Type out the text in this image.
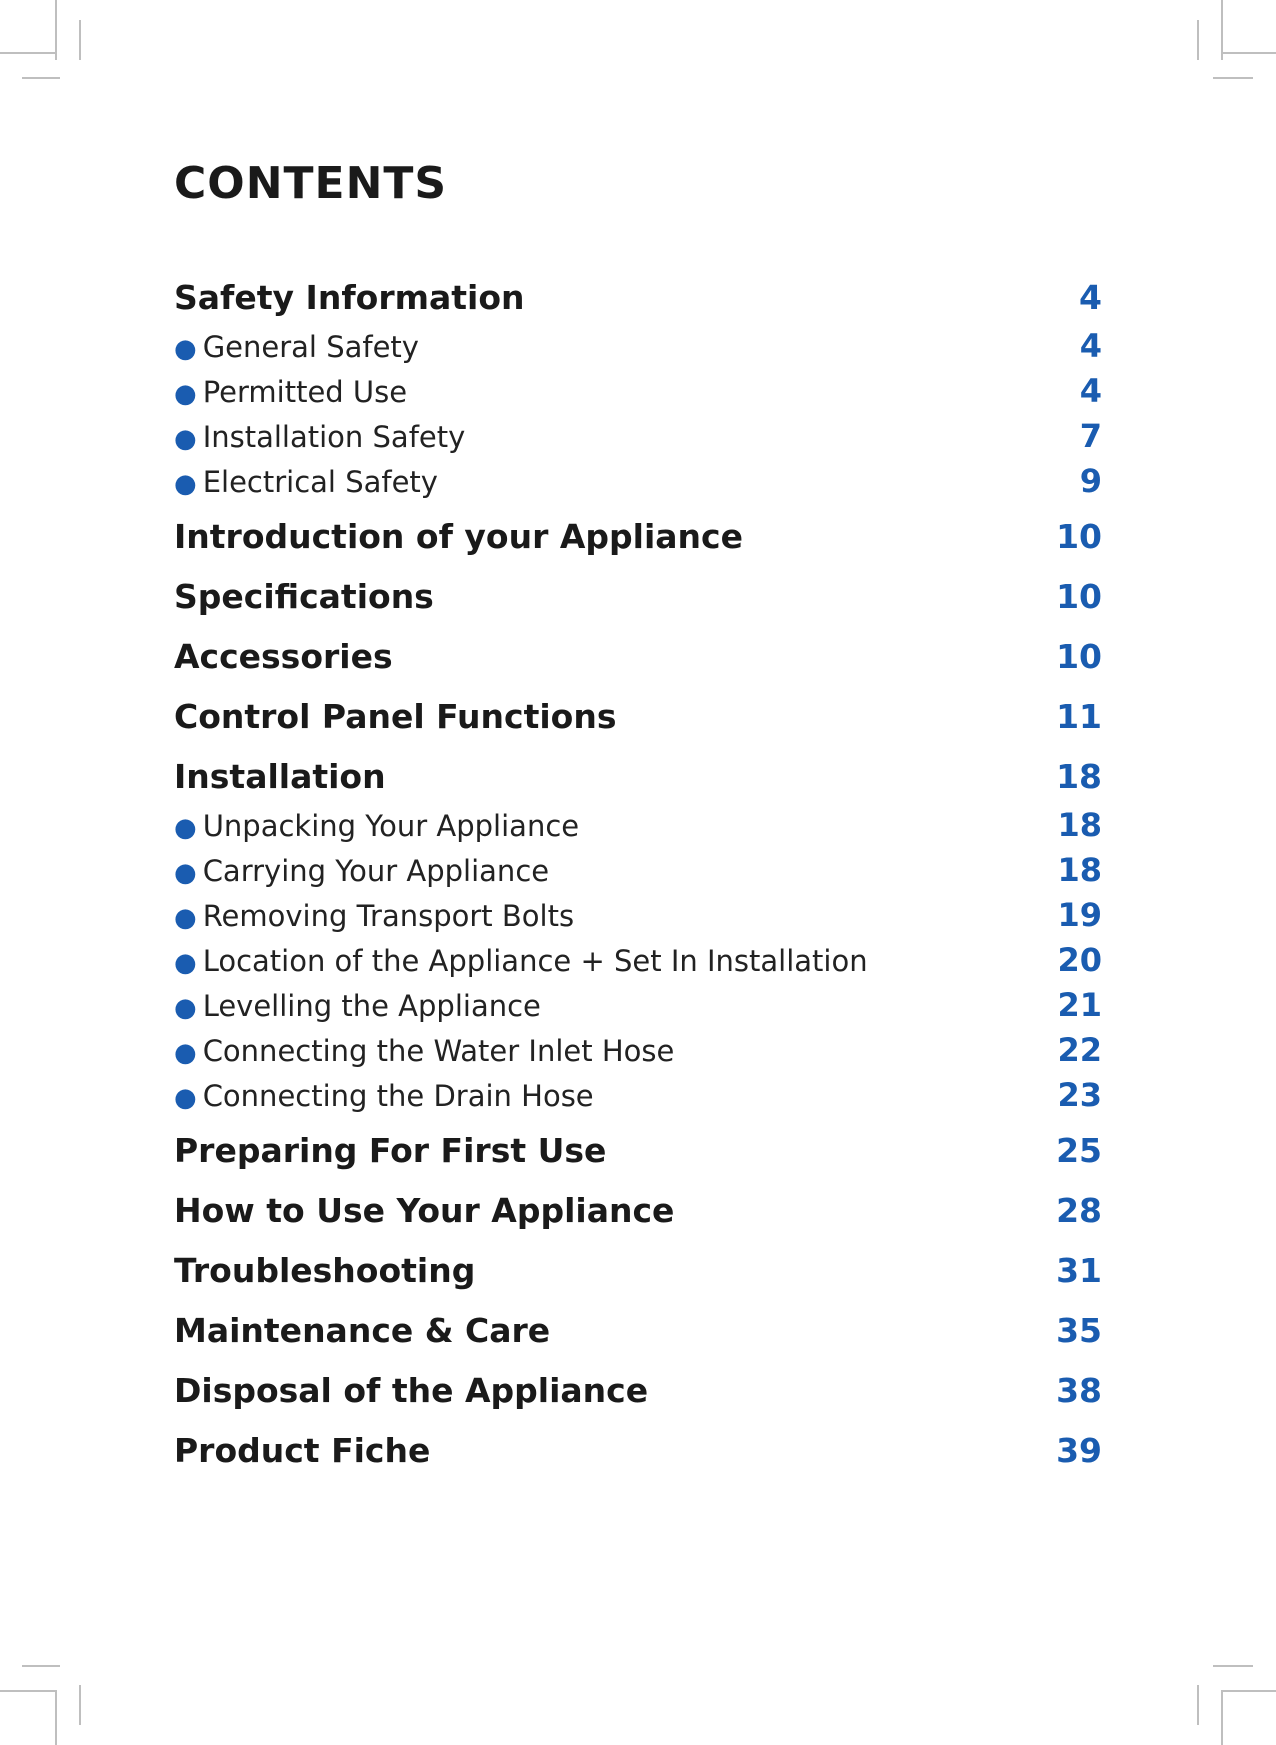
CONTENTS
Safety Information	4
● General Safety	4
● Permitted Use	4
● Installation Safety	7
● Electrical Safety	9
Introduction of your Appliance	10
Specifications	10
Accessories	10
Control Panel Functions	11
Installation	18
● Unpacking Your Appliance	18
● Carrying Your Appliance	18
● Removing Transport Bolts	19
● Location of the Appliance + Set In Installation	20
● Levelling the Appliance	21
● Connecting the Water Inlet Hose	22
● Connecting the Drain Hose	23
Preparing For First Use	25
How to Use Your Appliance	28
Troubleshooting	31
Maintenance & Care	35
Disposal of the Appliance	38
Product Fiche	39
